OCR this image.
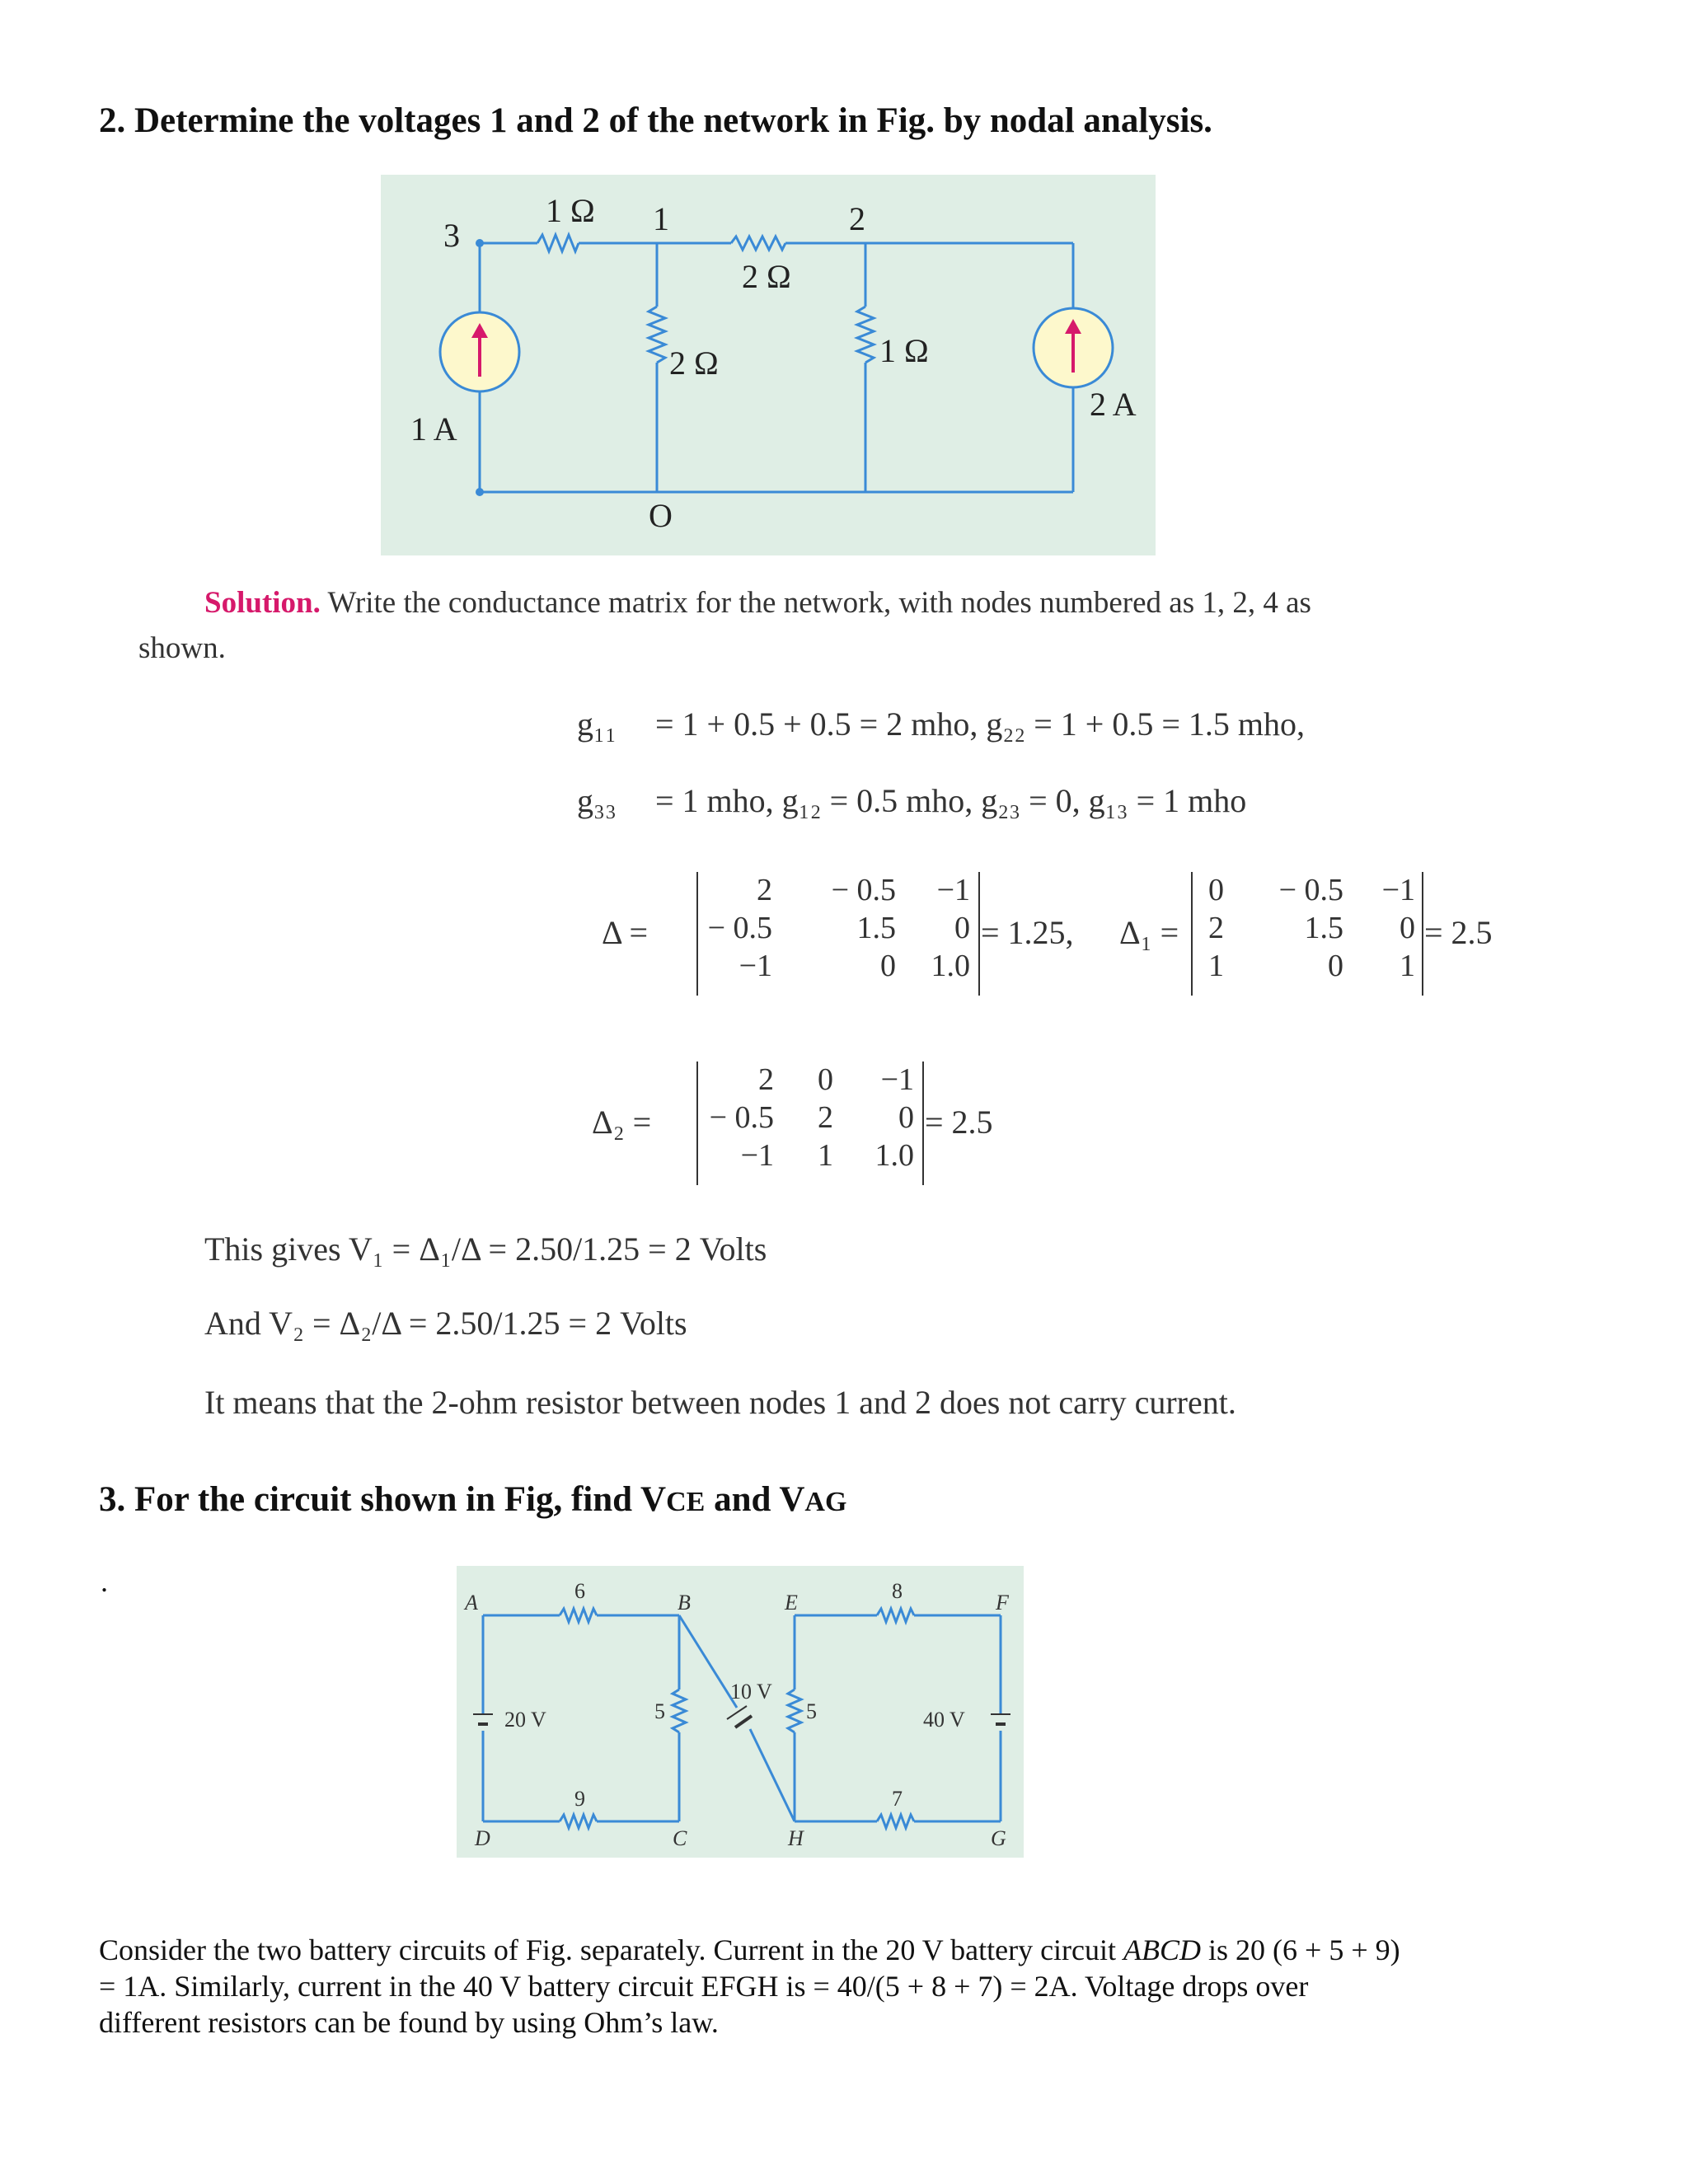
2. Determine the voltages 1 and 2 of the network in Fig. by nodal analysis.
1 Ω 1	2
3
2 Ω
2 Ω	1 Ω
1 A
2 A
O
Solution. Write the conductance matrix for the network, with nodes numbered as 1, 2, 4 as
shown.
g₁₁ = 1 + 0.5 + 0.5 = 2 mho, g₂₂ = 1 + 0.5 = 1.5 mho,
g₃₃ = 1 mho, g₁₂ = 0.5 mho, g₂₃ = 0, g₁₃ = 1 mho
Δ =
2 − 0.5 −1
− 0.5	1.5 0
−1	0 1.0
= 1.25, Δ₁ =
0 − 0.5 −1
2	1.5 0
1	0 1
= 2.5
Δ₂ =
2 0 −1
− 0.5 2 0
−1 1 1.0
= 2.5
This gives V₁ = Δ₁/Δ = 2.50/1.25 = 2 Volts
And V₂ = Δ₂/Δ = 2.50/1.25 = 2 Volts
It means that the 2-ohm resistor between nodes 1 and 2 does not carry current.
3. For the circuit shown in Fig, find VCE and VAG
.
A	B
C
D
E	F
G
H
6
9
5	5
8
7
20 V
10 V
40 V
Consider the two battery circuits of Fig. separately. Current in the 20 V battery circuit ABCD is 20 (6 + 5 + 9)
= 1A. Similarly, current in the 40 V battery circuit EFGH is = 40/(5 + 8 + 7) = 2A. Voltage drops over
different resistors can be found by using Ohm’s law.
